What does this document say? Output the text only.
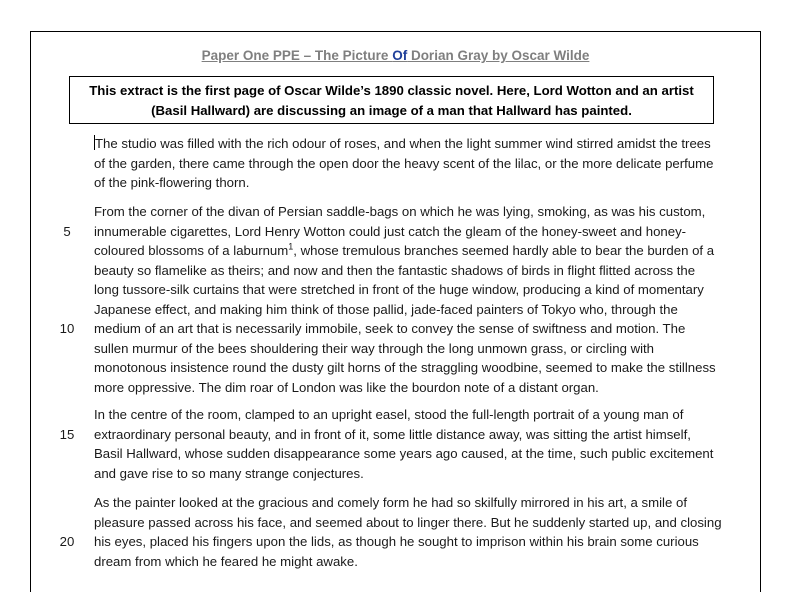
Paper One PPE – The Picture Of Dorian Gray by Oscar Wilde
This extract is the first page of Oscar Wilde’s 1890 classic novel. Here, Lord Wotton and an artist (Basil Hallward) are discussing an image of a man that Hallward has painted.

The studio was filled with the rich odour of roses, and when the light summer wind stirred amidst the trees
of the garden, there came through the open door the heavy scent of the lilac, or the more delicate perfume
of the pink-flowering thorn.

From the corner of the divan of Persian saddle-bags on which he was lying, smoking, as was his custom,
innumerable cigarettes, Lord Henry Wotton could just catch the gleam of the honey-sweet and honey-
coloured blossoms of a laburnum$^1$, whose tremulous branches seemed hardly able to bear the burden of a
beauty so flamelike as theirs; and now and then the fantastic shadows of birds in flight flitted across the
long tussore-silk curtains that were stretched in front of the huge window, producing a kind of momentary
Japanese effect, and making him think of those pallid, jade-faced painters of Tokyo who, through the
medium of an art that is necessarily immobile, seek to convey the sense of swiftness and motion. The
sullen murmur of the bees shouldering their way through the long unmown grass, or circling with
monotonous insistence round the dusty gilt horns of the straggling woodbine, seemed to make the stillness
more oppressive. The dim roar of London was like the bourdon note of a distant organ.

In the centre of the room, clamped to an upright easel, stood the full-length portrait of a young man of
extraordinary personal beauty, and in front of it, some little distance away, was sitting the artist himself,
Basil Hallward, whose sudden disappearance some years ago caused, at the time, such public excitement
and gave rise to so many strange conjectures.

As the painter looked at the gracious and comely form he had so skilfully mirrored in his art, a smile of
pleasure passed across his face, and seemed about to linger there. But he suddenly started up, and closing
his eyes, placed his fingers upon the lids, as though he sought to imprison within his brain some curious
dream from which he feared he might awake.

5
10
15
20
